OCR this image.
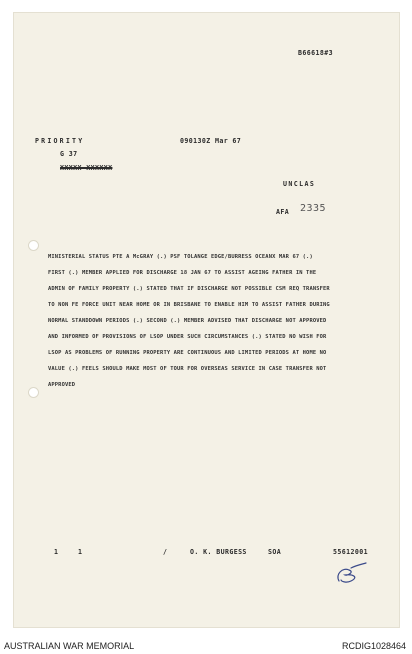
B66618#3
PRIORITY	090130Z Mar 67
G 37
XXXXX XXXXXX
UNCLAS
AFA 2335
MINISTERIAL STATUS PTE A McGRAY (.) PSF TOLANGE EDGE/BURRESS OCEANX MAR 67 (.)
FIRST (.) MEMBER APPLIED FOR DISCHARGE 18 JAN 67 TO ASSIST AGEING FATHER IN THE
ADMIN OF FAMILY PROPERTY (.) STATED THAT IF DISCHARGE NOT POSSIBLE CSM REQ TRANSFER
TO NON FE FORCE UNIT NEAR HOME OR IN BRISBANE TO ENABLE HIM TO ASSIST FATHER DURING
NORMAL STANDDOWN PERIODS (.) SECOND (.) MEMBER ADVISED THAT DISCHARGE NOT APPROVED
AND INFORMED OF PROVISIONS OF LSOP UNDER SUCH CIRCUMSTANCES (.) STATED NO WISH FOR
LSOP AS PROBLEMS OF RUNNING PROPERTY ARE CONTINUOUS AND LIMITED PERIODS AT HOME NO
VALUE (.) FEELS SHOULD MAKE MOST OF TOUR FOR OVERSEAS SERVICE IN CASE TRANSFER NOT
APPROVED
1	1	/	O. K. BURGESS	SOA	55612001
AUSTRALIAN WAR MEMORIAL	RCDIG1028464
